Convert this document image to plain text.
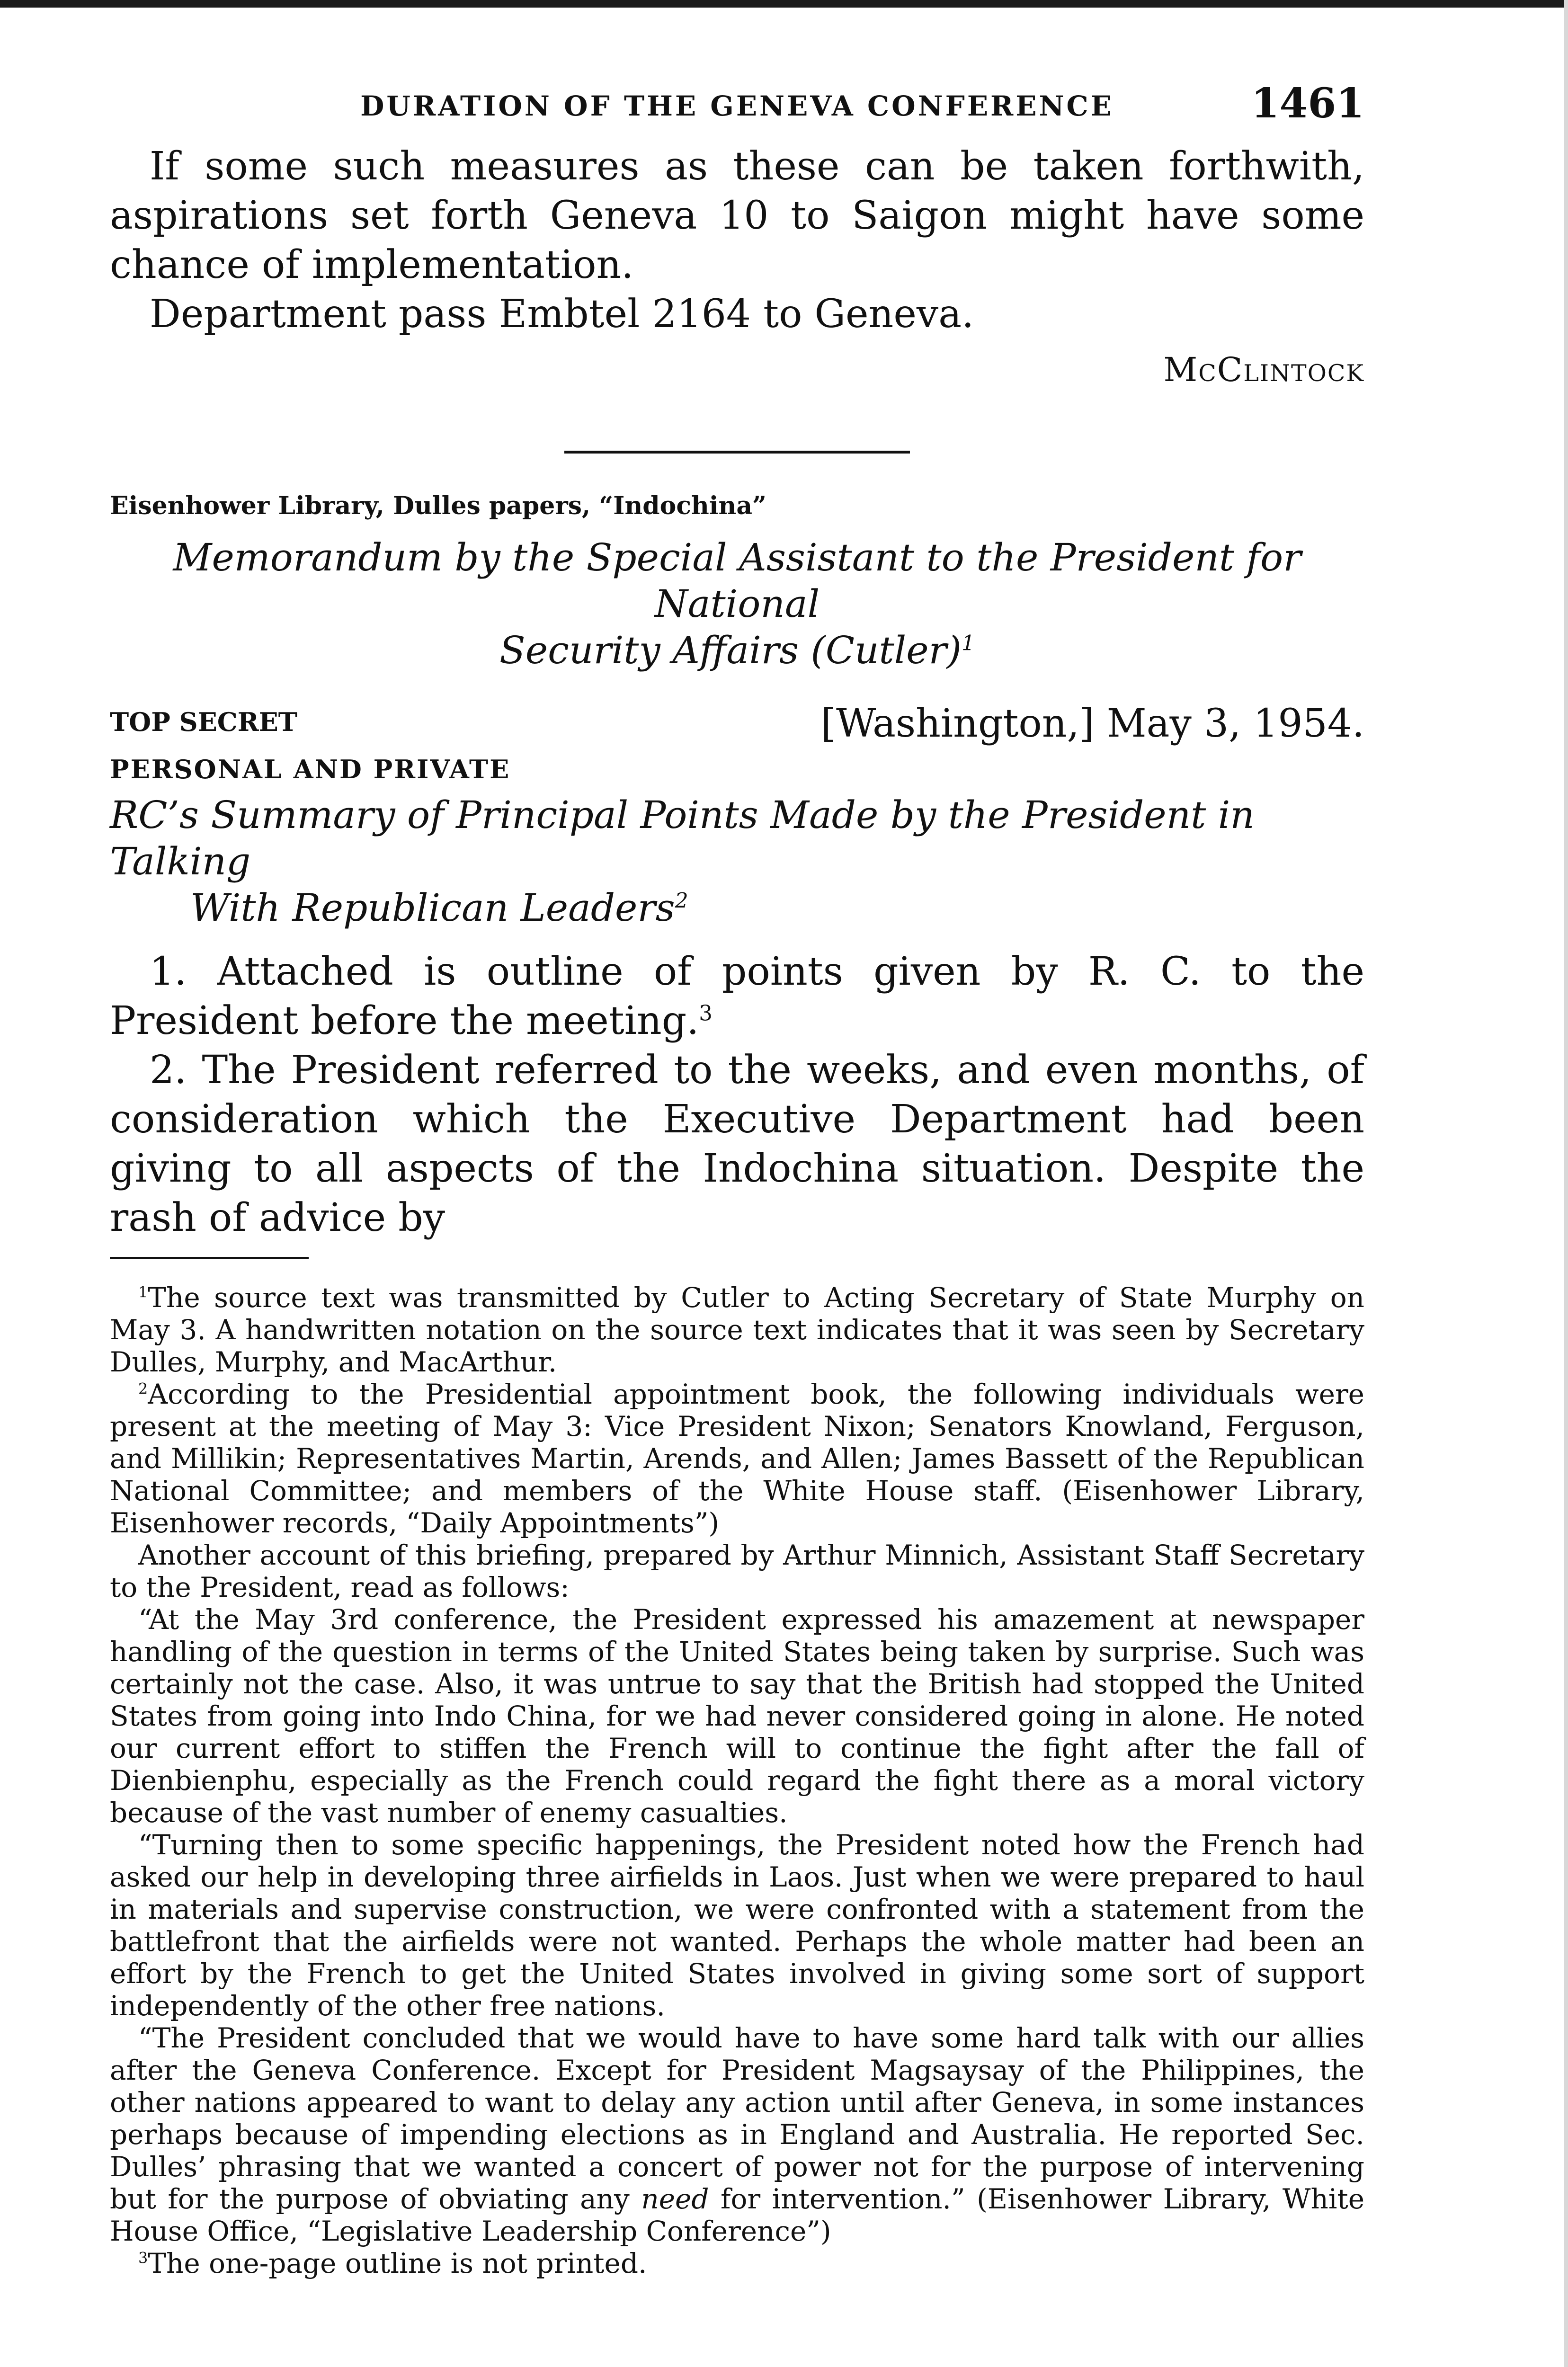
DURATION OF THE GENEVA CONFERENCE	1461

If some such measures as these can be taken forthwith, aspirations set forth Geneva 10 to Saigon might have some chance of implementation.

Department pass Embtel 2164 to Geneva.

McClintock

Eisenhower Library, Dulles papers, “Indochina”
Memorandum by the Special Assistant to the President for National
Security Affairs (Cutler)$^1$
TOP SECRET
PERSONAL AND PRIVATE
[Washington,] May 3, 1954.
RC’s Summary of Principal Points Made by the President in Talking
With Republican Leaders$^2$

1. Attached is outline of points given by R. C. to the President before the meeting.$^3$

2. The President referred to the weeks, and even months, of consideration which the Executive Department had been giving to all aspects of the Indochina situation. Despite the rash of advice by

$^1$The source text was transmitted by Cutler to Acting Secretary of State Murphy on May 3. A handwritten notation on the source text indicates that it was seen by Secretary Dulles, Murphy, and MacArthur.

$^2$According to the Presidential appointment book, the following individuals were present at the meeting of May 3: Vice President Nixon; Senators Knowland, Ferguson, and Millikin; Representatives Martin, Arends, and Allen; James Bassett of the Republican National Committee; and members of the White House staff. (Eisenhower Library, Eisenhower records, “Daily Appointments”)

Another account of this briefing, prepared by Arthur Minnich, Assistant Staff Secretary to the President, read as follows:

“At the May 3rd conference, the President expressed his amazement at newspaper handling of the question in terms of the United States being taken by surprise. Such was certainly not the case. Also, it was untrue to say that the British had stopped the United States from going into Indo China, for we had never considered going in alone. He noted our current effort to stiffen the French will to continue the fight after the fall of Dienbienphu, especially as the French could regard the fight there as a moral victory because of the vast number of enemy casualties.

“Turning then to some specific happenings, the President noted how the French had asked our help in developing three airfields in Laos. Just when we were prepared to haul in materials and supervise construction, we were confronted with a statement from the battlefront that the airfields were not wanted. Perhaps the whole matter had been an effort by the French to get the United States involved in giving some sort of support independently of the other free nations.

“The President concluded that we would have to have some hard talk with our allies after the Geneva Conference. Except for President Magsaysay of the Philippines, the other nations appeared to want to delay any action until after Geneva, in some instances perhaps because of impending elections as in England and Australia. He reported Sec. Dulles’ phrasing that we wanted a concert of power not for the purpose of intervening but for the purpose of obviating any need for intervention.” (Eisenhower Library, White House Office, “Legislative Leadership Conference”)

$^3$The one-page outline is not printed.
